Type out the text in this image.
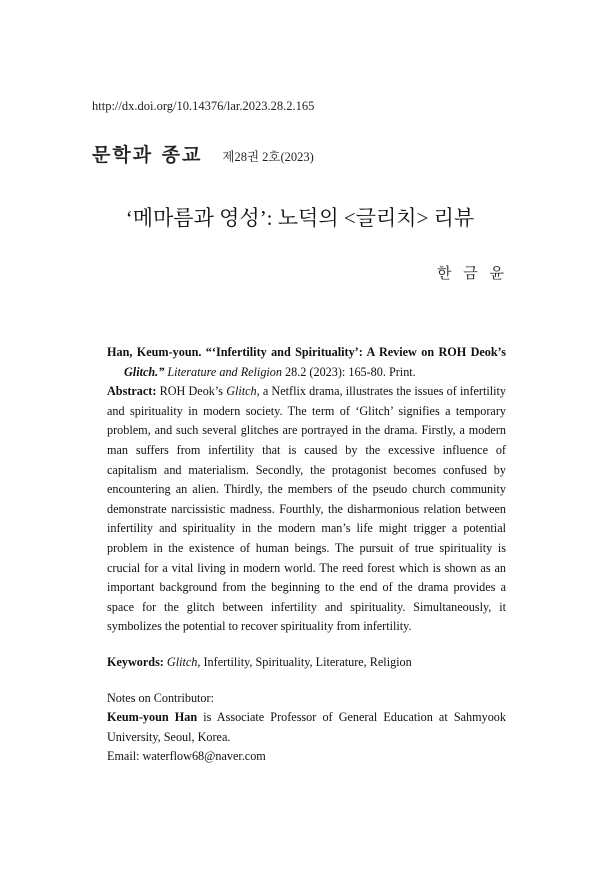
http://dx.doi.org/10.14376/lar.2023.28.2.165
문학과 종교 제28권 2호(2023)
‘메마름과 영성’: 노덕의 <글리치> 리뷰
한 금 윤

Han, Keum-youn. “‘Infertility and Spirituality’: A Review on ROH Deok’s
Glitch.” Literature and Religion 28.2 (2023): 165-80. Print.

Abstract: ROH Deok’s Glitch, a Netflix drama, illustrates the issues of infertility and spirituality in modern society. The term of ‘Glitch’ signifies a temporary problem, and such several glitches are portrayed in the drama. Firstly, a modern man suffers from infertility that is caused by the excessive influence of capitalism and materialism. Secondly, the protagonist becomes confused by encountering an alien. Thirdly, the members of the pseudo church community demonstrate narcissistic madness. Fourthly, the disharmonious relation between infertility and spirituality in the modern man’s life might trigger a potential problem in the existence of human beings. The pursuit of true spirituality is crucial for a vital living in modern world. The reed forest which is shown as an important background from the beginning to the end of the drama provides a space for the glitch between infertility and spirituality. Simultaneously, it symbolizes the potential to recover spirituality from infertility.

Keywords: Glitch, Infertility, Spirituality, Literature, Religion

Notes on Contributor:

Keum-youn Han is Associate Professor of General Education at Sahmyook University, Seoul, Korea.

Email: waterflow68@naver.com
